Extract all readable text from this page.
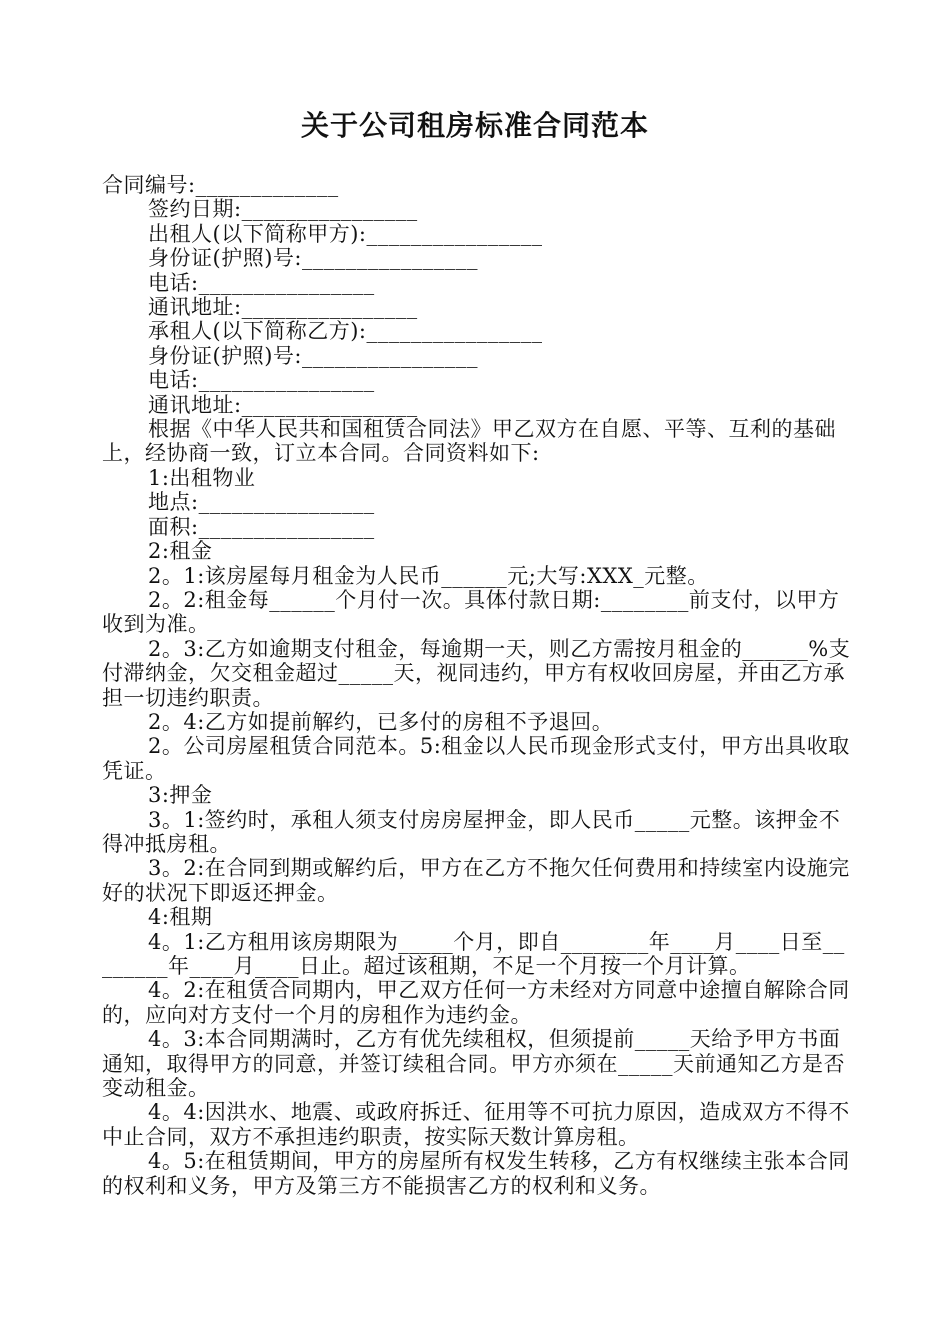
关于公司租房标准合同范本

合同编号:_____________

签约日期:________________

出租人(以下简称甲方):________________

身份证(护照)号:________________

电话:________________

通讯地址:________________

承租人(以下简称乙方):________________

身份证(护照)号:________________

电话:________________

通讯地址:________________

根据《中华人民共和国租赁合同法》甲乙双方在自愿、平等、互利的基础上，经协商一致，订立本合同。合同资料如下:

1:出租物业

地点:________________

面积:________________

2:租金

2。1:该房屋每月租金为人民币______元;大写:XXX_元整。

2。2:租金每______个月付一次。具体付款日期:________前支付，以甲方收到为准。

2。3:乙方如逾期支付租金，每逾期一天，则乙方需按月租金的______%支付滞纳金，欠交租金超过_____天，视同违约，甲方有权收回房屋，并由乙方承担一切违约职责。

2。4:乙方如提前解约，已多付的房租不予退回。

2。公司房屋租赁合同范本。5:租金以人民币现金形式支付，甲方出具收取凭证。

3:押金

3。1:签约时，承租人须支付房房屋押金，即人民币_____元整。该押金不得冲抵房租。

3。2:在合同到期或解约后，甲方在乙方不拖欠任何费用和持续室内设施完好的状况下即返还押金。

4:租期

4。1:乙方租用该房期限为_____个月，即自________年____月____日至________年____月____日止。超过该租期，不足一个月按一个月计算。

4。2:在租赁合同期内，甲乙双方任何一方未经对方同意中途擅自解除合同的，应向对方支付一个月的房租作为违约金。

4。3:本合同期满时，乙方有优先续租权，但须提前_____天给予甲方书面通知，取得甲方的同意，并签订续租合同。甲方亦须在_____天前通知乙方是否变动租金。

4。4:因洪水、地震、或政府拆迁、征用等不可抗力原因，造成双方不得不中止合同，双方不承担违约职责，按实际天数计算房租。

4。5:在租赁期间，甲方的房屋所有权发生转移，乙方有权继续主张本合同的权利和义务，甲方及第三方不能损害乙方的权利和义务。
